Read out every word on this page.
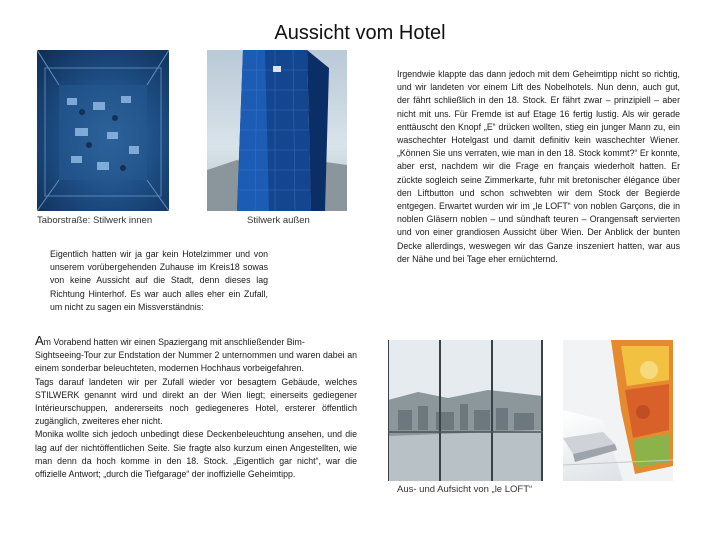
Aussicht vom Hotel
Taborstraße: Stilwerk innen	Stilwerk außen

Eigentlich hatten wir ja gar kein Hotelzimmer und von unserem vorübergehenden Zuhause im Kreis18 sowas von keine Aussicht auf die Stadt, denn dieses lag Richtung Hinterhof. Es war auch alles eher ein Zufall, um nicht zu sagen ein Missverständnis:

Am Vorabend hatten wir einen Spaziergang mit anschließender Bim-

Sightseeing-Tour zur Endstation der Nummer 2 unternommen und waren dabei an einem sonderbar beleuchteten, modernen Hochhaus vorbeigefahren.

Tags darauf landeten wir per Zufall wieder vor besagtem Gebäude, welches STILWERK genannt wird und direkt an der Wien liegt; einerseits gediegener Intérieurschuppen, andererseits noch gediegeneres Hotel, ersterer öffentlich zugänglich, zweiteres eher nicht.

Monika wollte sich jedoch unbedingt diese Deckenbeleuchtung ansehen, und die lag auf der nichtöffentlichen Seite. Sie fragte also kurzum einen Angestellten, wie man denn da hoch komme in den 18. Stock. „Eigentlich gar nicht“, war die offizielle Antwort; „durch die Tiefgarage“ der inoffizielle Geheimtipp.

Irgendwie klappte das dann jedoch mit dem Geheimtipp nicht so richtig, und wir landeten vor einem Lift des Nobelhotels. Nun denn, auch gut, der fährt schließlich in den 18. Stock. Er fährt zwar – prinzipiell – aber nicht mit uns. Für Fremde ist auf Etage 16 fertig lustig. Als wir gerade enttäuscht den Knopf „E“ drücken wollten, stieg ein junger Mann zu, ein waschechter Hotelgast und damit definitiv kein waschechter Wiener. „Können Sie uns verraten, wie man in den 18. Stock kommt?“ Er konnte, aber erst, nachdem wir die Frage en français wiederholt hatten. Er zückte sogleich seine Zimmerkarte, fuhr mit bretonischer élégance über den Liftbutton und schon schwebten wir dem Stock der Begierde entgegen. Erwartet wurden wir im „le LOFT“ von noblen Garçons, die in noblen Gläsern noblen – und sündhaft teuren – Orangensaft servierten und von einer grandiosen Aussicht über Wien. Der Anblick der bunten Decke allerdings, weswegen wir das Ganze inszeniert hatten, war aus der Nähe und bei Tage eher ernüchternd.

Aus- und Aufsicht von „le LOFT“
